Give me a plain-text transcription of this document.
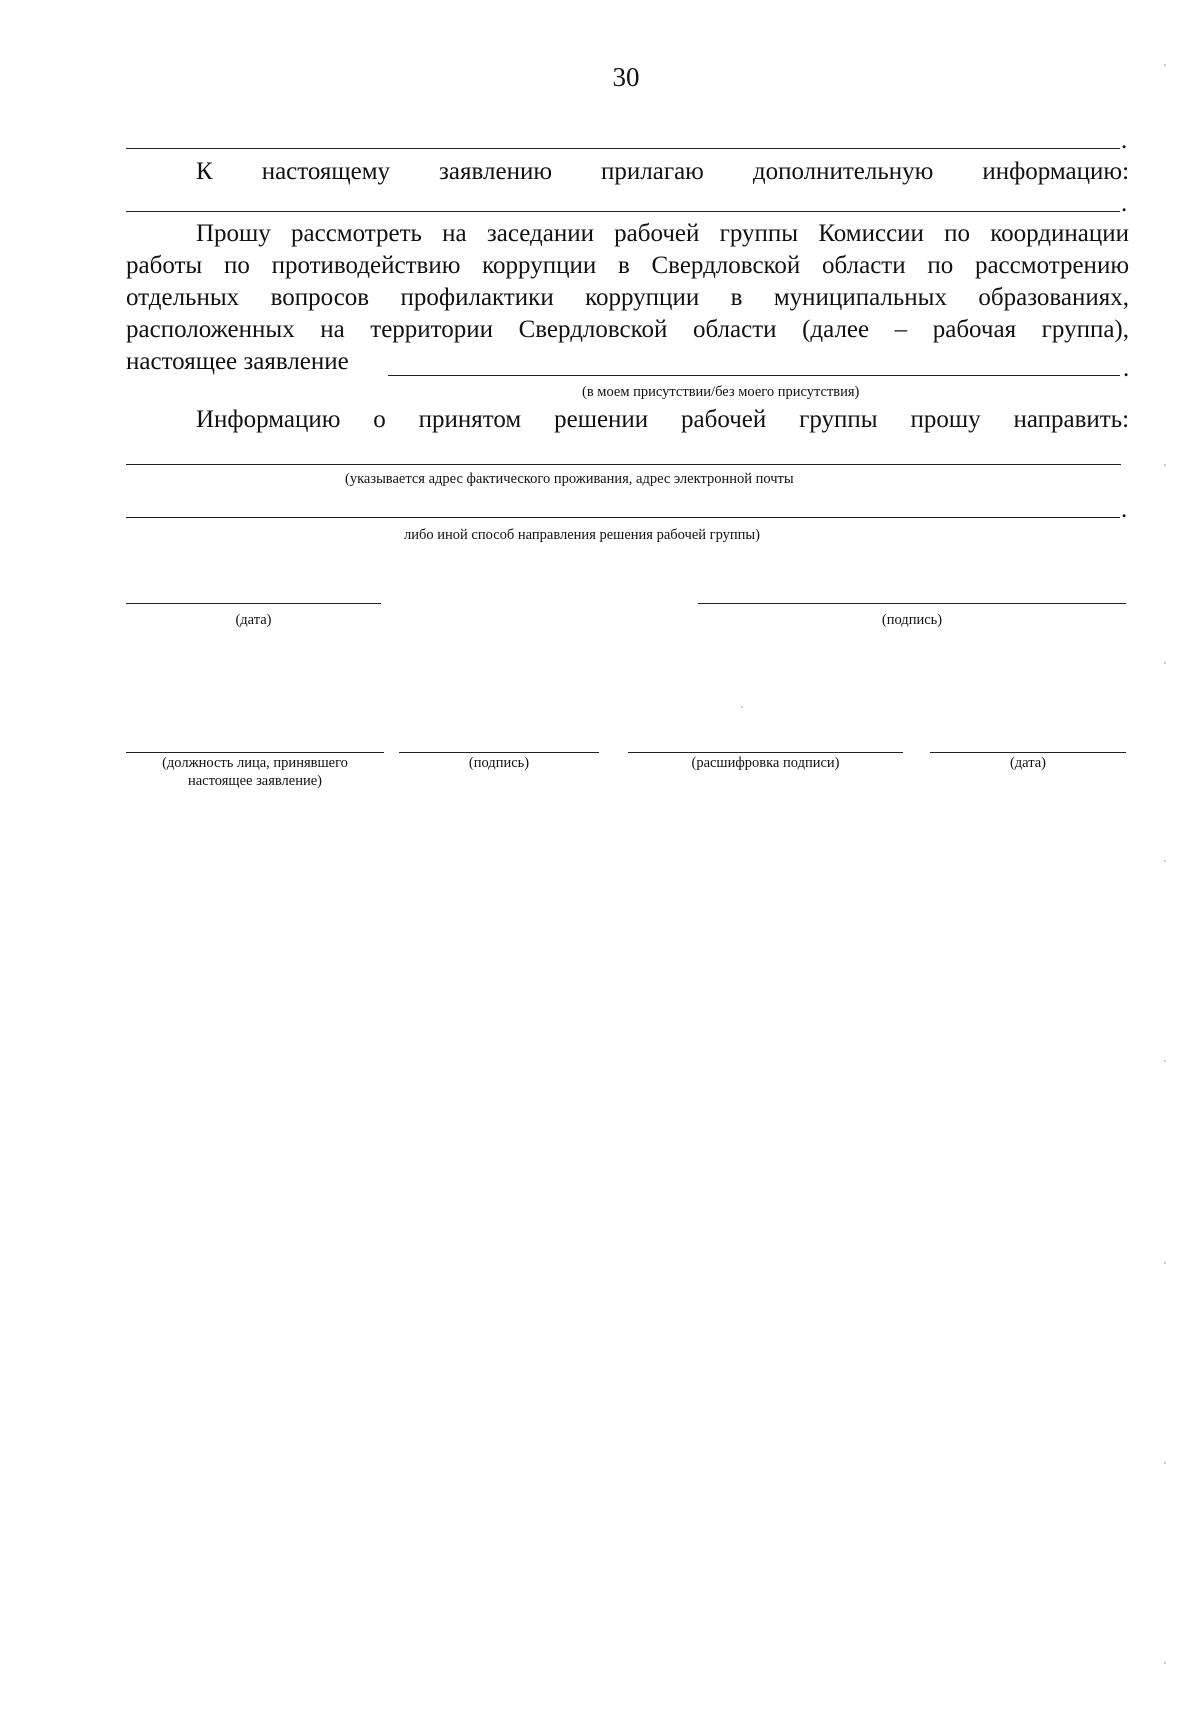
30
.
К настоящему заявлению прилагаю дополнительную информацию:
.
Прошу рассмотреть на заседании рабочей группы Комиссии по координации
работы по противодействию коррупции в Свердловской области по рассмотрению
отдельных вопросов профилактики коррупции в муниципальных образованиях,
расположенных на территории Свердловской области (далее – рабочая группа),
настоящее заявление	.
(в моем присутствии/без моего присутствия)
Информацию о принятом решении рабочей группы прошу направить:
(указывается адрес фактического проживания, адрес электронной почты
.
либо иной способ направления решения рабочей группы)
(дата)	(подпись)
(должность лица, принявшего
настоящее заявление)
(подпись)	(расшифровка подписи)	(дата)
